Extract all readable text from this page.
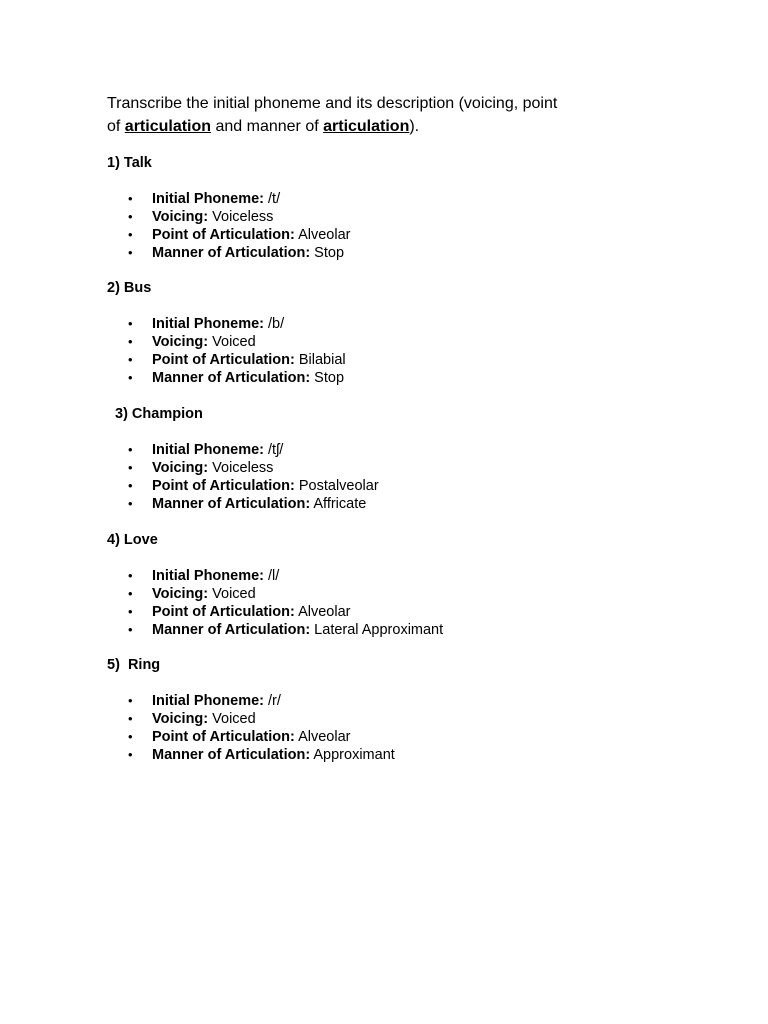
Transcribe the initial phoneme and its description (voicing, point
of articulation and manner of articulation).
1) Talk
• Initial Phoneme: /t/
• Voicing: Voiceless
• Point of Articulation: Alveolar
• Manner of Articulation: Stop
2) Bus
• Initial Phoneme: /b/
• Voicing: Voiced
• Point of Articulation: Bilabial
• Manner of Articulation: Stop
3) Champion
• Initial Phoneme: /tʃ/
• Voicing: Voiceless
• Point of Articulation: Postalveolar
• Manner of Articulation: Affricate
4) Love
• Initial Phoneme: /l/
• Voicing: Voiced
• Point of Articulation: Alveolar
• Manner of Articulation: Lateral Approximant
5)  Ring
• Initial Phoneme: /r/
• Voicing: Voiced
• Point of Articulation: Alveolar
• Manner of Articulation: Approximant
